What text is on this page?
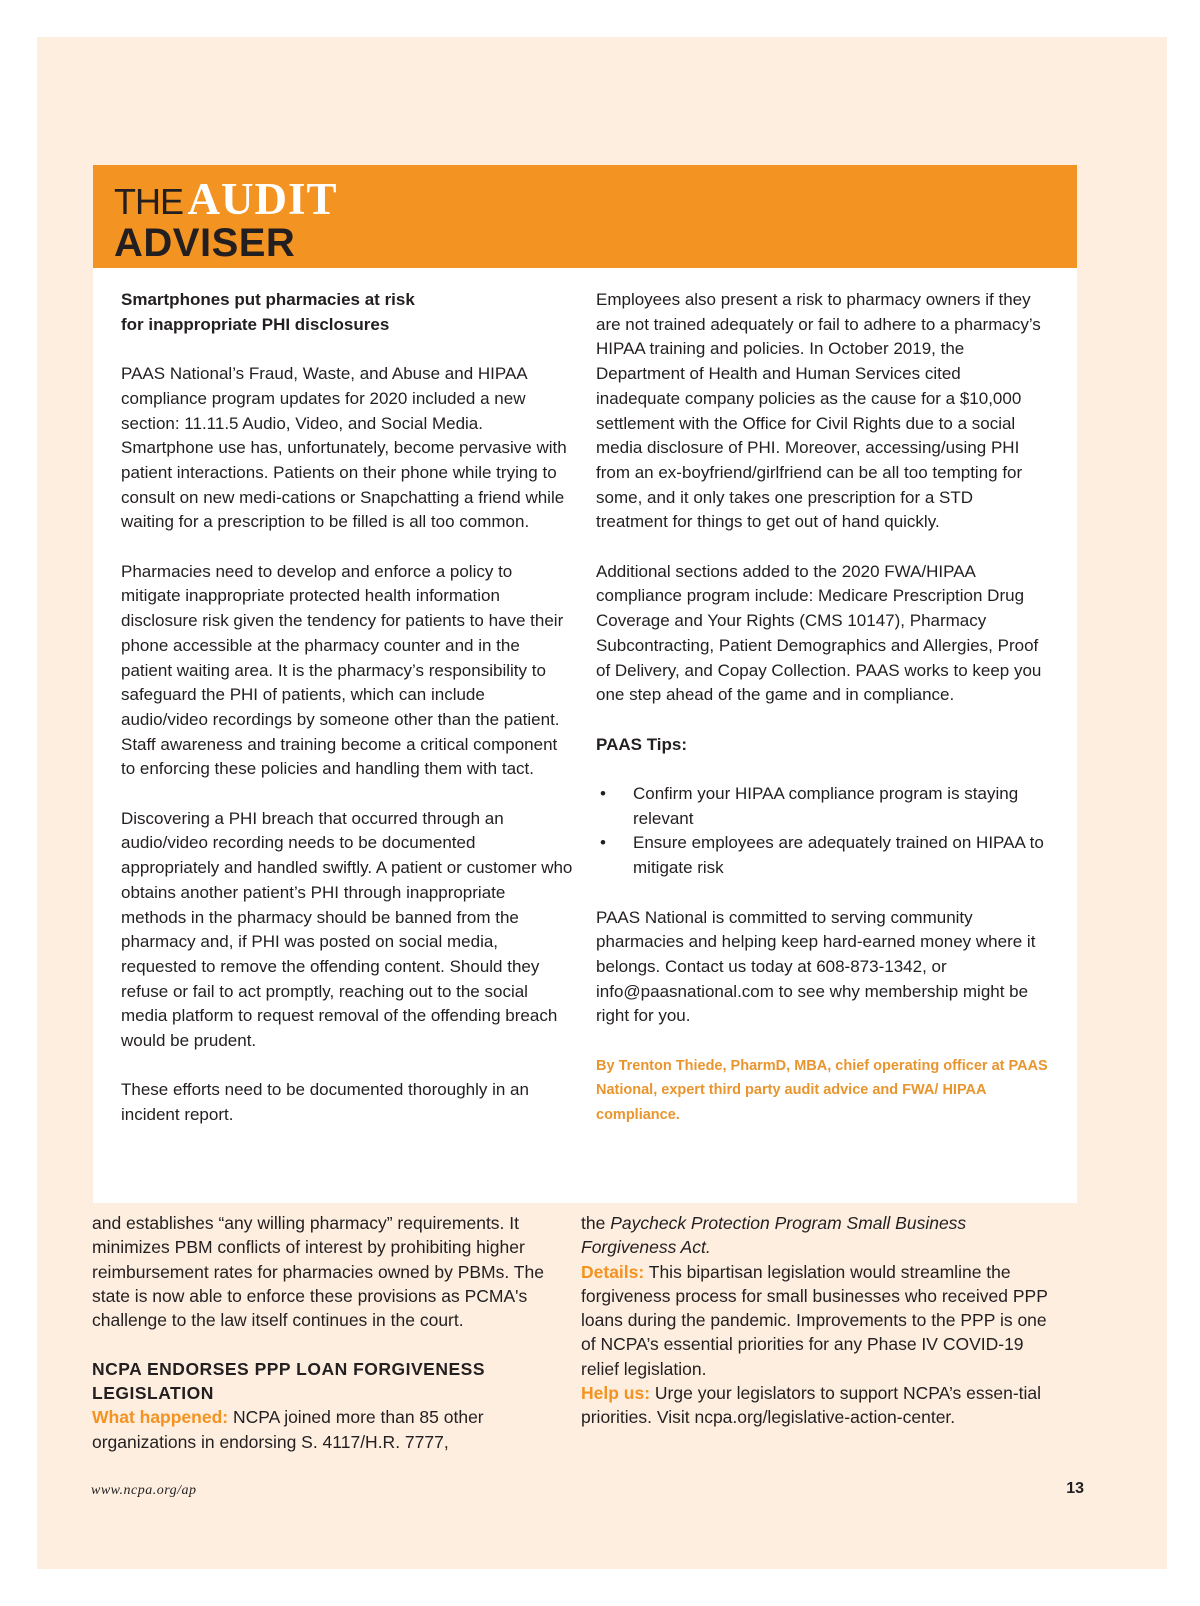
THE AUDIT
ADVISER

Smartphones put pharmacies at risk
for inappropriate PHI disclosures

PAAS National’s Fraud, Waste, and Abuse and HIPAA compliance program updates for 2020 included a new section: 11.11.5 Audio, Video, and Social Media. Smartphone use has, unfortunately, become pervasive with patient interactions. Patients on their phone while trying to consult on new medi-cations or Snapchatting a friend while waiting for a prescription to be filled is all too common.

Pharmacies need to develop and enforce a policy to mitigate inappropriate protected health information disclosure risk given the tendency for patients to have their phone accessible at the pharmacy counter and in the patient waiting area. It is the pharmacy’s responsibility to safeguard the PHI of patients, which can include audio/video recordings by someone other than the patient. Staff awareness and training become a critical component to enforcing these policies and handling them with tact.

Discovering a PHI breach that occurred through an audio/video recording needs to be documented appropriately and handled swiftly. A patient or customer who obtains another patient’s PHI through inappropriate methods in the pharmacy should be banned from the pharmacy and, if PHI was posted on social media, requested to remove the offending content. Should they refuse or fail to act promptly, reaching out to the social media platform to request removal of the offending breach would be prudent.

These efforts need to be documented thoroughly in an incident report.

Employees also present a risk to pharmacy owners if they are not trained adequately or fail to adhere to a pharmacy’s HIPAA training and policies. In October 2019, the Department of Health and Human Services cited inadequate company policies as the cause for a $10,000 settlement with the Office for Civil Rights due to a social media disclosure of PHI. Moreover, accessing/using PHI from an ex-boyfriend/girlfriend can be all too tempting for some, and it only takes one prescription for a STD treatment for things to get out of hand quickly.

Additional sections added to the 2020 FWA/HIPAA compliance program include: Medicare Prescription Drug Coverage and Your Rights (CMS 10147), Pharmacy Subcontracting, Patient Demographics and Allergies, Proof of Delivery, and Copay Collection. PAAS works to keep you one step ahead of the game and in compliance.

PAAS Tips:

• Confirm your HIPAA compliance program is staying relevant
• Ensure employees are adequately trained on HIPAA to mitigate risk

PAAS National is committed to serving community pharmacies and helping keep hard-earned money where it belongs. Contact us today at 608-873-1342, or info@paasnational.com to see why membership might be right for you.

By Trenton Thiede, PharmD, MBA, chief operating officer at PAAS National, expert third party audit advice and FWA/ HIPAA compliance.

and establishes “any willing pharmacy” requirements. It minimizes PBM conflicts of interest by prohibiting higher reimbursement rates for pharmacies owned by PBMs. The state is now able to enforce these provisions as PCMA's challenge to the law itself continues in the court.

NCPA ENDORSES PPP LOAN FORGIVENESS LEGISLATION

What happened: NCPA joined more than 85 other organizations in endorsing S. 4117/H.R. 7777,

the Paycheck Protection Program Small Business Forgiveness Act.

Details: This bipartisan legislation would streamline the forgiveness process for small businesses who received PPP loans during the pandemic. Improvements to the PPP is one of NCPA’s essential priorities for any Phase IV COVID-19 relief legislation.

Help us: Urge your legislators to support NCPA’s essen-tial priorities. Visit ncpa.org/legislative-action-center.

www.ncpa.org/ap	13
